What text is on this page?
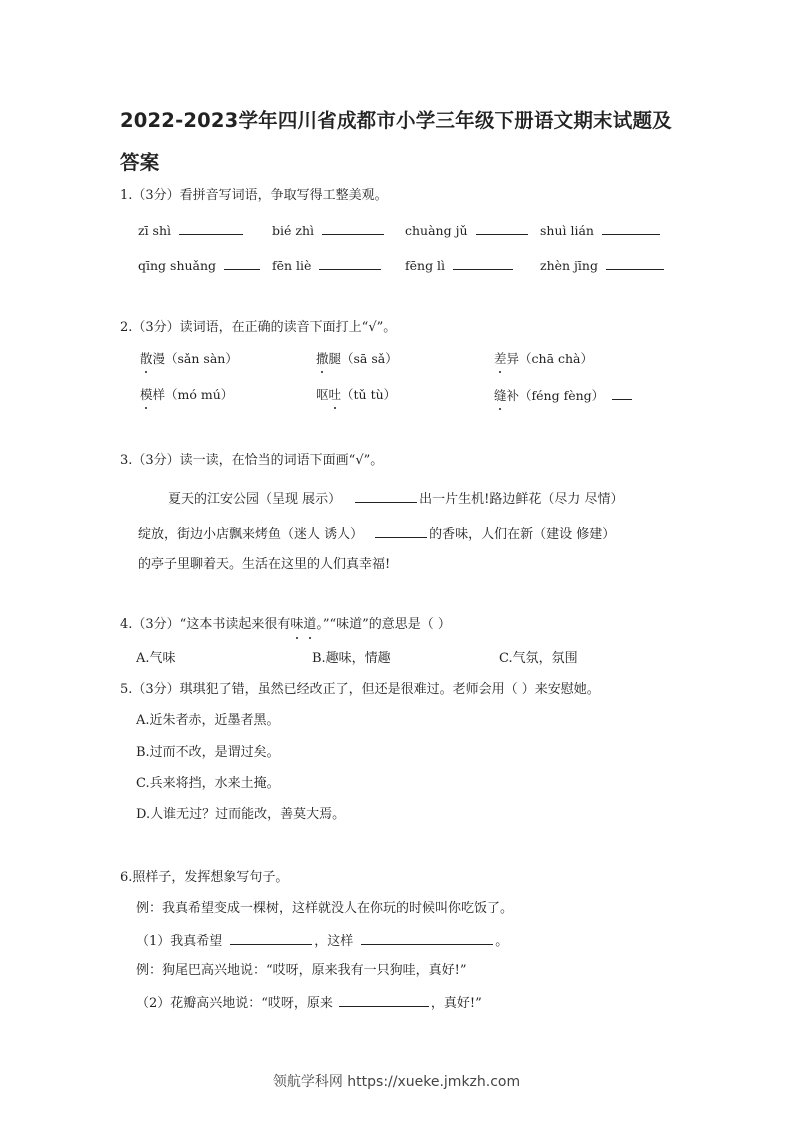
2022-2023学年四川省成都市小学三年级下册语文期末试题及答案
1.（3分）看拼音写词语，争取写得工整美观。
zī shì	bié zhì	chuàng jǔ	shuì lián
qīng shuǎng	fēn liè	fēng lì	zhèn jīng
2.（3分）读词语，在正确的读音下面打上“√”。
散漫（sǎn sàn）	撒腿（sā sǎ）	差异（chā chà）
模样（mó mú）	呕吐（tǔ tù）	缝补（féng fèng）
3.（3分）读一读，在恰当的词语下面画“√”。
夏天的江安公园（呈现 展示）	出一片生机!路边鲜花（尽力 尽情）
绽放，街边小店飘来烤鱼（迷人 诱人）	的香味，人们在新（建设 修建）
的亭子里聊着天。生活在这里的人们真幸福!
4.（3分）“这本书读起来很有味道。”“味道”的意思是（ ）
A.气味	B.趣味，情趣	C.气氛，氛围
5.（3分）琪琪犯了错，虽然已经改正了，但还是很难过。老师会用（ ）来安慰她。
A.近朱者赤，近墨者黑。
B.过而不改，是谓过矣。
C.兵来将挡，水来土掩。
D.人谁无过？过而能改，善莫大焉。
6.照样子，发挥想象写句子。
例：我真希望变成一棵树，这样就没人在你玩的时候叫你吃饭了。
（1）我真希望	，这样	。
例：狗尾巴高兴地说：“哎呀，原来我有一只狗哇，真好!”
（2）花瓣高兴地说：“哎呀，原来	，真好!”
领航学科网 https://xueke.jmkzh.com
